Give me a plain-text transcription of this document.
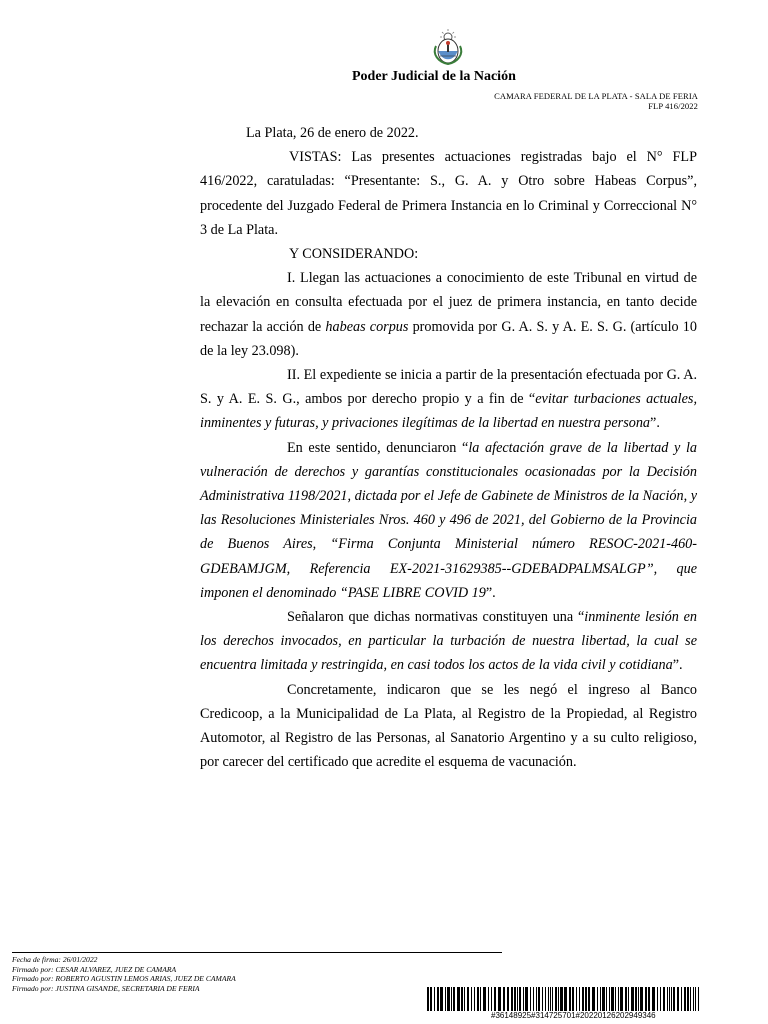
Poder Judicial de la Nación
CAMARA FEDERAL DE LA PLATA - SALA DE FERIA
FLP 416/2022

La Plata, 26 de enero de 2022.

VISTAS: Las presentes actuaciones registradas bajo el N° FLP 416/2022, caratuladas: “Presentante: S., G. A. y Otro sobre Habeas Corpus”, procedente del Juzgado Federal de Primera Instancia en lo Criminal y Correccional N° 3 de La Plata.

Y CONSIDERANDO:

I. Llegan las actuaciones a conocimiento de este Tribunal en virtud de la elevación en consulta efectuada por el juez de primera instancia, en tanto decide rechazar la acción de habeas corpus promovida por G. A. S. y A. E. S. G. (artículo 10 de la ley 23.098).

II. El expediente se inicia a partir de la presentación efectuada por G. A. S. y A. E. S. G., ambos por derecho propio y a fin de “evitar turbaciones actuales, inminentes y futuras, y privaciones ilegítimas de la libertad en nuestra persona”.

En este sentido, denunciaron “la afectación grave de la libertad y la vulneración de derechos y garantías constitucionales ocasionadas por la Decisión Administrativa 1198/2021, dictada por el Jefe de Gabinete de Ministros de la Nación, y las Resoluciones Ministeriales Nros. 460 y 496 de 2021, del Gobierno de la Provincia de Buenos Aires, “Firma Conjunta Ministerial número RESOC-2021-460-GDEBAMJGM, Referencia EX-2021-31629385--GDEBADPALMSALGP”, que imponen el denominado “PASE LIBRE COVID 19”.

Señalaron que dichas normativas constituyen una “inminente lesión en los derechos invocados, en particular la turbación de nuestra libertad, la cual se encuentra limitada y restringida, en casi todos los actos de la vida civil y cotidiana”.

Concretamente, indicaron que se les negó el ingreso al Banco Credicoop, a la Municipalidad de La Plata, al Registro de la Propiedad, al Registro Automotor, al Registro de las Personas, al Sanatorio Argentino y a su culto religioso, por carecer del certificado que acredite el esquema de vacunación.

Fecha de firma: 26/01/2022
Firmado por: CESAR ALVAREZ, JUEZ DE CAMARA
Firmado por: ROBERTO AGUSTIN LEMOS ARIAS, JUEZ DE CAMARA
Firmado por: JUSTINA GISANDE, SECRETARIA DE FERIA
#36148925#314725701#20220126202949346
